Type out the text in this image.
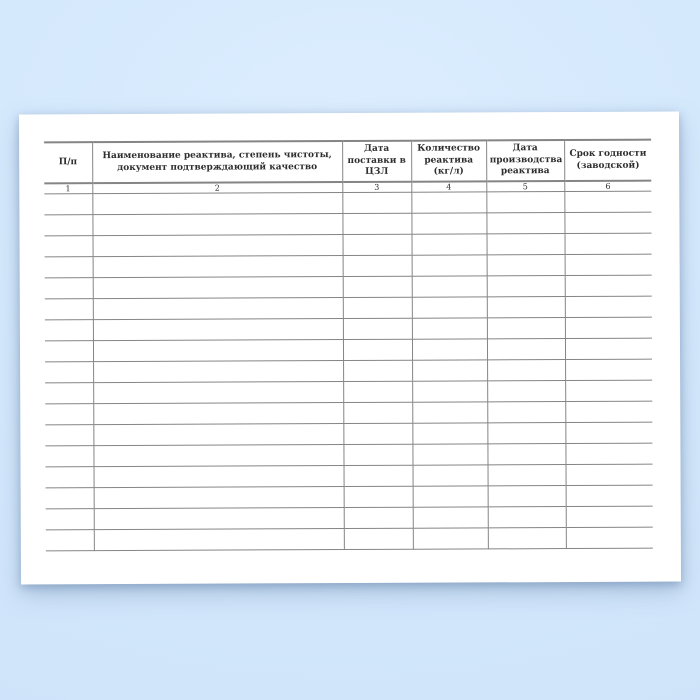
П/п	Наименование реактива, степень чистоты, документ подтверждающий качество	Дата поставки в ЦЗЛ	Количество реактива (кг/л)	Дата производства реактива	Срок годности (заводской)
1	2	3	4	5	6
